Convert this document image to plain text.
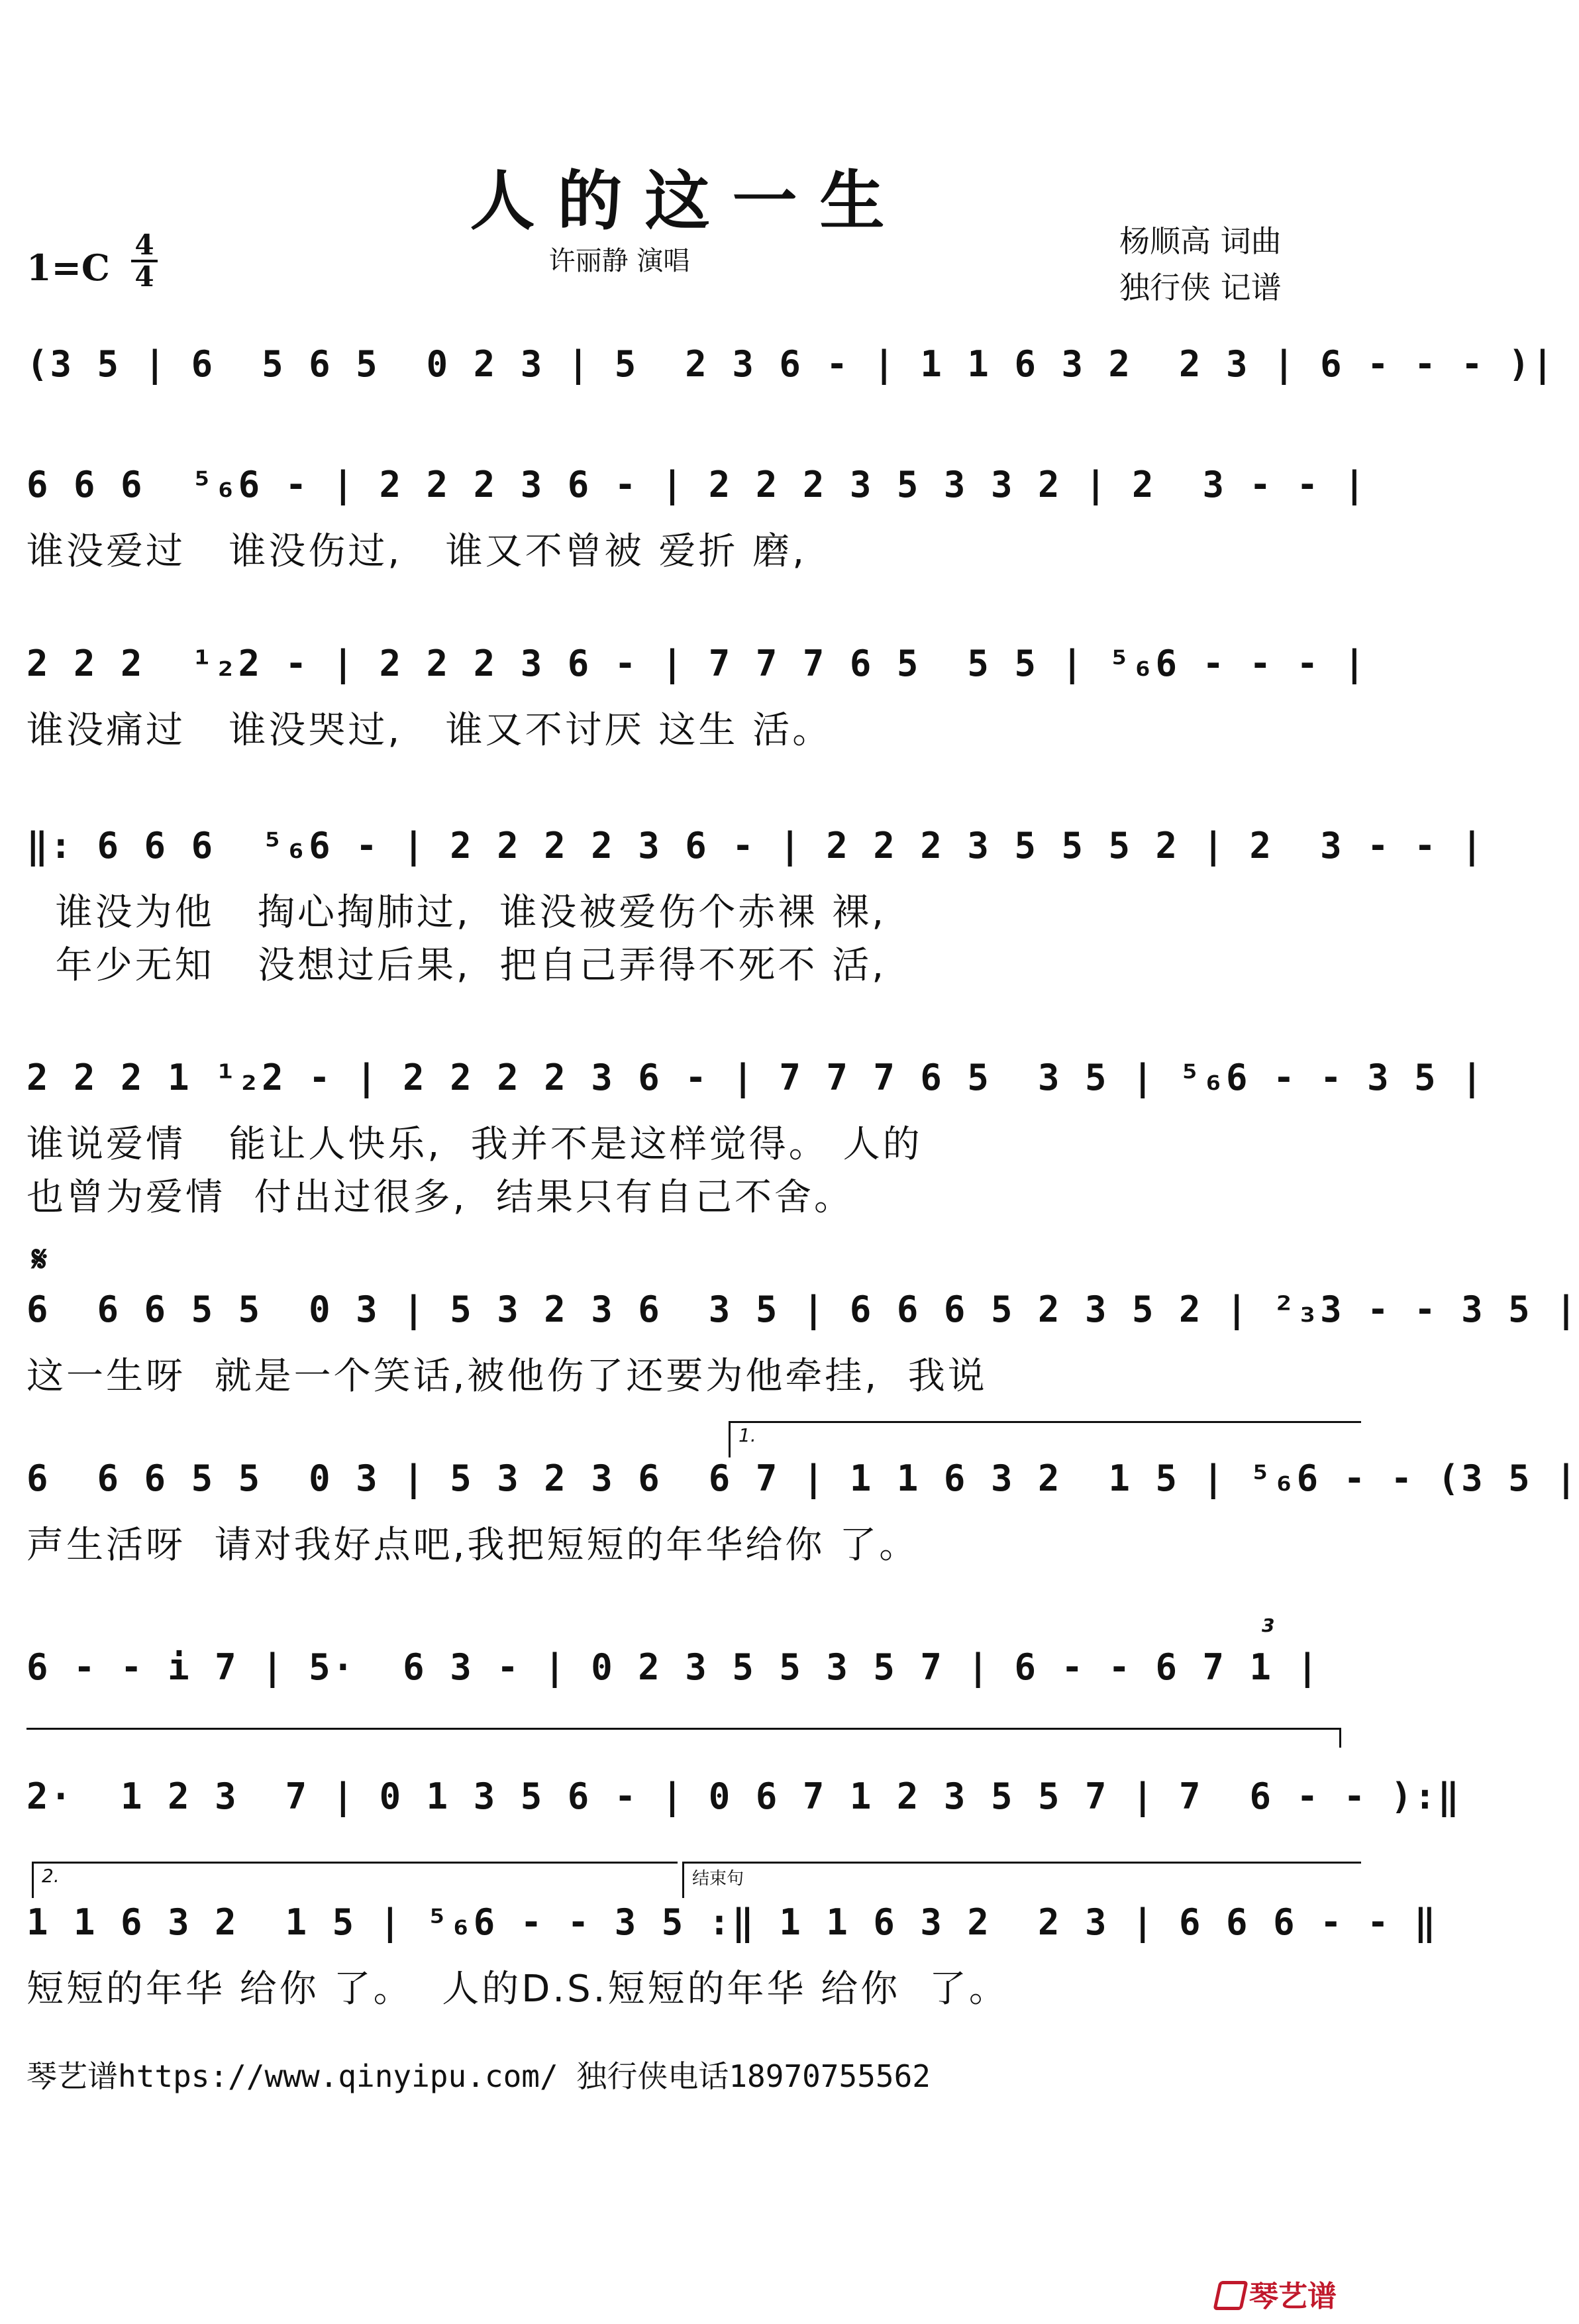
人的这一生
许丽静 演唱
杨顺高 词曲
独行侠 记谱
1=C
4
4
(3 5 | 6  5 6 5  0 2 3 | 5  2 3 6 - | 1 1 6 3 2  2 3 | 6 - - - )|
6 6 6  ⁵₆6 - | 2 2 2 3 6 - | 2 2 2 3 5 3 3 2 | 2  3 - - |
谁没爱过   谁没伤过,   谁又不曾被 爱折 磨,
2 2 2  ¹₂2 - | 2 2 2 3 6 - | 7 7 7 6 5  5 5 | ⁵₆6 - - - |
谁没痛过   谁没哭过,   谁又不讨厌 这生 活。
‖: 6 6 6  ⁵₆6 - | 2 2 2 2 3 6 - | 2 2 2 3 5 5 5 2 | 2  3 - - |
谁没为他   掏心掏肺过,  谁没被爱伤个赤裸 裸,
年少无知   没想过后果,  把自己弄得不死不 活,
2 2 2 1 ¹₂2 - | 2 2 2 2 3 6 - | 7 7 7 6 5  3 5 | ⁵₆6 - - 3 5 |
谁说爱情   能让人快乐,  我并不是这样觉得。 人的
也曾为爱情  付出过很多,  结果只有自己不舍。
𝄋
6  6 6 5 5  0 3 | 5 3 2 3 6  3 5 | 6 6 6 5 2 3 5 2 | ²₃3 - - 3 5 |
这一生呀  就是一个笑话,被他伤了还要为他牵挂,  我说
1.
6  6 6 5 5  0 3 | 5 3 2 3 6  6 7 | 1 1 6 3 2  1 5 | ⁵₆6 - - (3 5 |
声生活呀  请对我好点吧,我把短短的年华给你 了。
6 - - i 7 | 5·  6 3 - | 0 2 3 5 5 3 5 7 | 6 - - 6 7 1 |
3
2·  1 2 3  7 | 0 1 3 5 6 - | 0 6 7 1 2 3 5 5 7 | 7  6 - - ):‖
2.	结束句
1 1 6 3 2  1 5 | ⁵₆6 - - 3 5 :‖ 1 1 6 3 2  2 3 | 6 6 6 - - ‖
短短的年华 给你 了。  人的D.S.短短的年华 给你  了。
琴艺谱https://www.qinyipu.com/ 独行侠电话18970755562
琴艺谱
